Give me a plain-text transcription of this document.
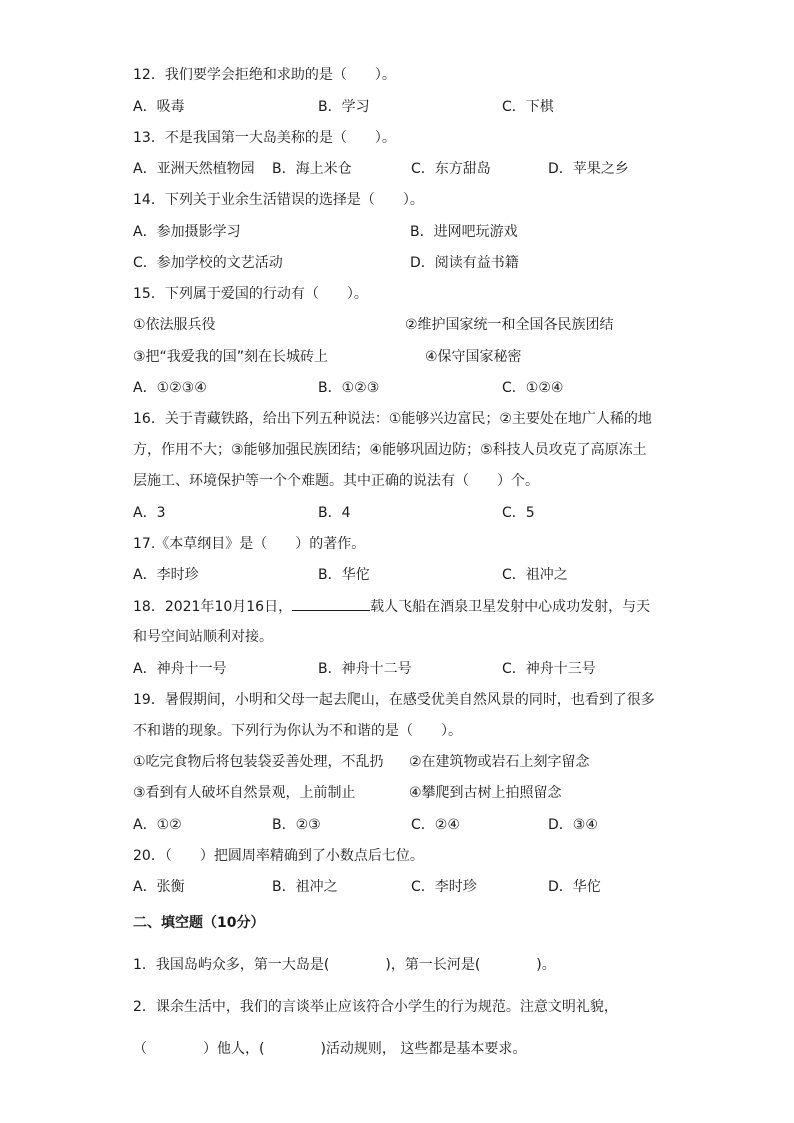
12．我们要学会拒绝和求助的是（　　）。
A．吸毒	B．学习	C．下棋
13．不是我国第一大岛美称的是（　　）。
A．亚洲天然植物园 B．海上米仓	C．东方甜岛	D．苹果之乡
14．下列关于业余生活错误的选择是（　　）。
A．参加摄影学习	B．进网吧玩游戏
C．参加学校的文艺活动	D．阅读有益书籍
15．下列属于爱国的行动有（　　）。
①依法服兵役	②维护国家统一和全国各民族团结
③把“我爱我的国”刻在长城砖上	④保守国家秘密
A．①②③④	B．①②③	C．①②④
16．关于青藏铁路，给出下列五种说法：①能够兴边富民；②主要处在地广人稀的地
方，作用不大；③能够加强民族团结；④能够巩固边防；⑤科技人员攻克了高原冻土
层施工、环境保护等一个个难题。其中正确的说法有（　　）个。
A．3	B．4	C．5
17.《本草纲目》是（　　）的著作。
A．李时珍	B．华佗	C．祖冲之
18．2021年10月16日，	载人飞船在酒泉卫星发射中心成功发射，与天
和号空间站顺利对接。
A．神舟十一号	B．神舟十二号	C．神舟十三号
19．暑假期间，小明和父母一起去爬山，在感受优美自然风景的同时，也看到了很多
不和谐的现象。下列行为你认为不和谐的是（　　）。
①吃完食物后将包装袋妥善处理，不乱扔 ②在建筑物或岩石上刻字留念
③看到有人破坏自然景观，上前制止	④攀爬到古树上拍照留念
A．①②	B．②③	C．②④	D．③④
20．（　　）把圆周率精确到了小数点后七位。
A．张衡	B．祖冲之	C．李时珍	D．华佗
二、填空题（10分）
1．我国岛屿众多，第一大岛是(　　　　)，第一长河是(　　　　)。
2．课余生活中，我们的言谈举止应该符合小学生的行为规范。注意文明礼貌，
（　　　　）他人，(　　　　)活动规则， 这些都是基本要求。
